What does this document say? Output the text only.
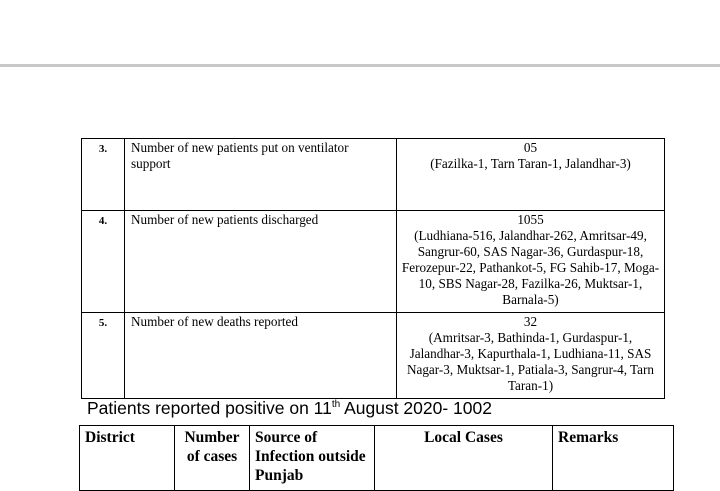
3.	Number of new patients put on ventilator support	05
(Fazilka-1, Tarn Taran-1, Jalandhar-3)

4.	Number of new patients discharged	1055
(Ludhiana-516, Jalandhar-262, Amritsar-49, Sangrur-60, SAS Nagar-36, Gurdaspur-18, Ferozepur-22, Pathankot-5, FG Sahib-17, Moga-10, SBS Nagar-28, Fazilka-26, Muktsar-1, Barnala-5)

5.	Number of new deaths reported	32
(Amritsar-3, Bathinda-1, Gurdaspur-1, Jalandhar-3, Kapurthala-1, Ludhiana-11, SAS Nagar-3, Muktsar-1, Patiala-3, Sangrur-4, Tarn Taran-1)
Patients reported positive on 11th August 2020- 1002
District	Number of cases	Source of Infection outside Punjab	Local Cases	Remarks
